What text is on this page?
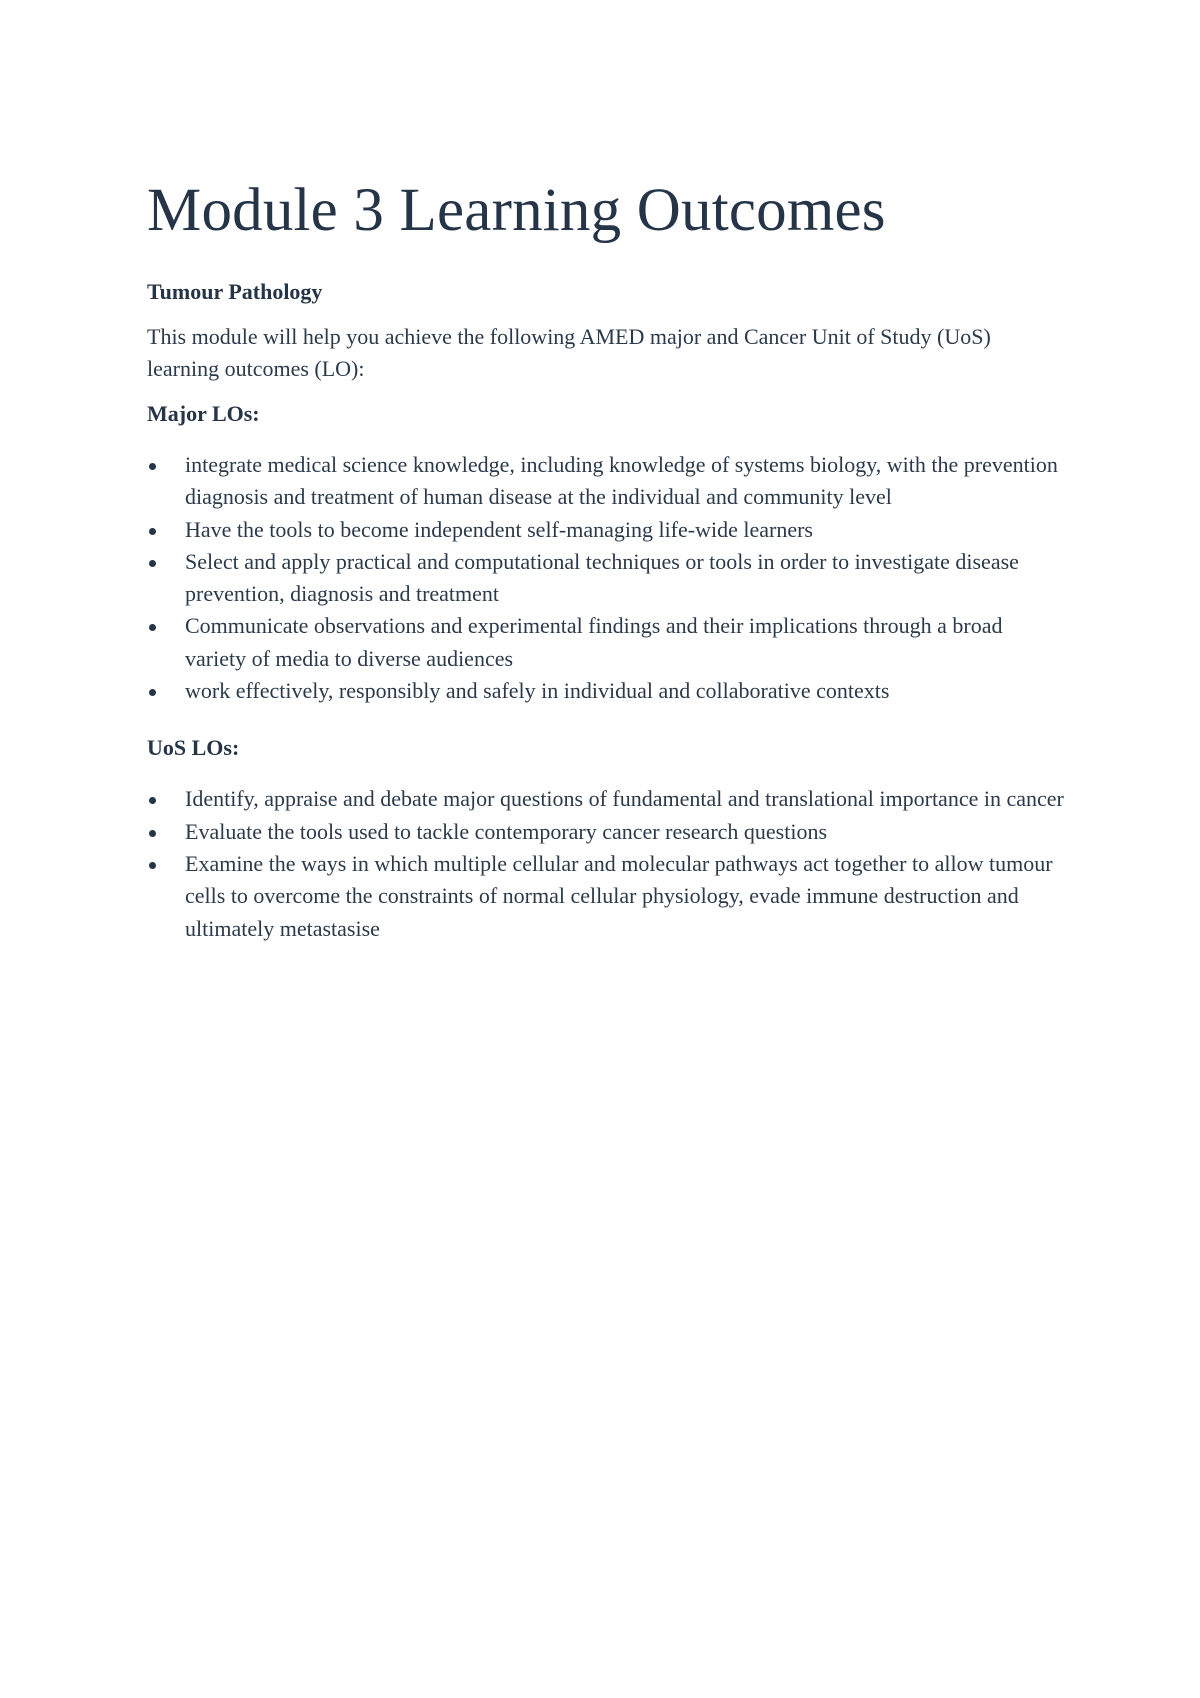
Module 3 Learning Outcomes
Tumour Pathology

This module will help you achieve the following AMED major and Cancer Unit of Study (UoS) learning outcomes (LO):

Major LOs:
integrate medical science knowledge, including knowledge of systems biology, with the prevention diagnosis and treatment of human disease at the individual and community level
Have the tools to become independent self-managing life-wide learners
Select and apply practical and computational techniques or tools in order to investigate disease prevention, diagnosis and treatment
Communicate observations and experimental findings and their implications through a broad variety of media to diverse audiences
work effectively, responsibly and safely in individual and collaborative contexts
UoS LOs:
Identify, appraise and debate major questions of fundamental and translational importance in cancer
Evaluate the tools used to tackle contemporary cancer research questions
Examine the ways in which multiple cellular and molecular pathways act together to allow tumour cells to overcome the constraints of normal cellular physiology, evade immune destruction and ultimately metastasise
